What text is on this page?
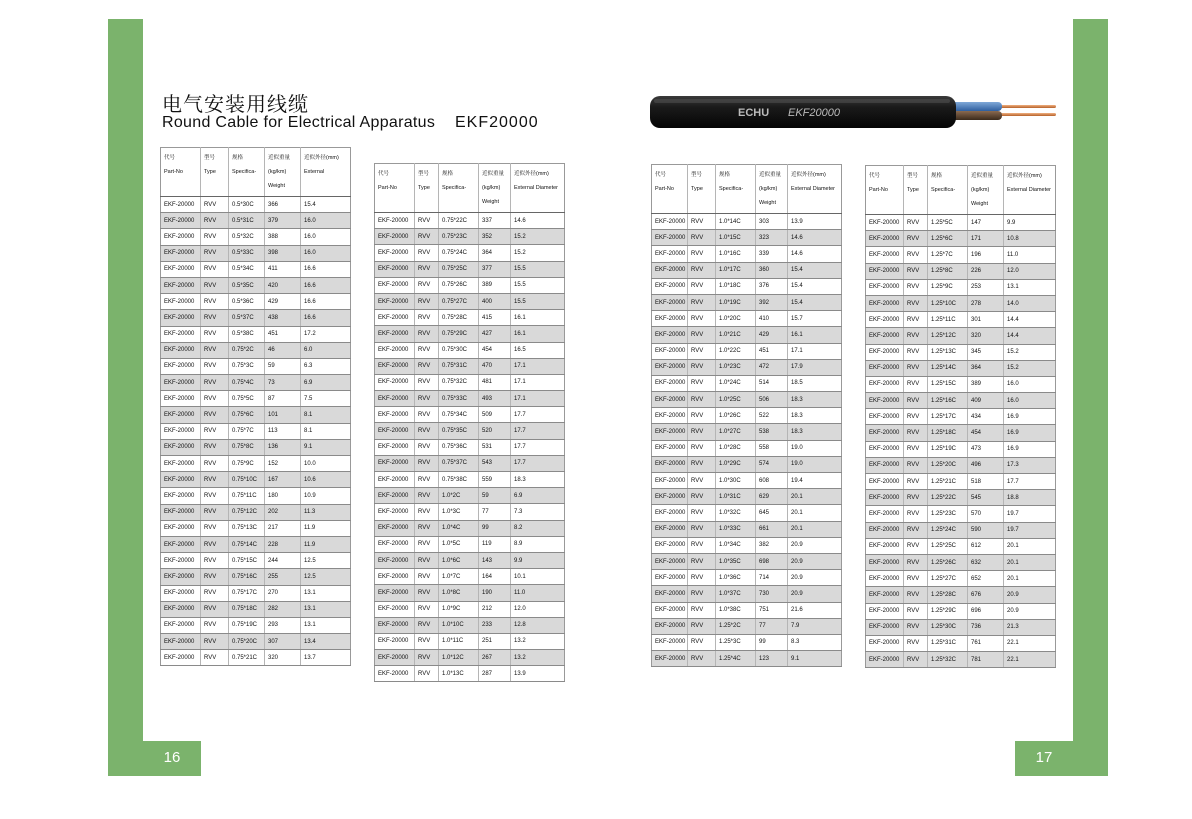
16	17
电气安装用线缆
Round Cable for Electrical Apparatus EKF20000
ECHU EKF20000
代号
Part-No	型号
Type	规格
Specifica-	近似重量
(kg/km)
Weight	近似外径(mm)
External

EKF-20000	RVV	0.5*30C	366	15.4
EKF-20000	RVV	0.5*31C	379	16.0
EKF-20000	RVV	0.5*32C	388	16.0
EKF-20000	RVV	0.5*33C	398	16.0
EKF-20000	RVV	0.5*34C	411	16.6
EKF-20000	RVV	0.5*35C	420	16.6
EKF-20000	RVV	0.5*36C	429	16.6
EKF-20000	RVV	0.5*37C	438	16.6
EKF-20000	RVV	0.5*38C	451	17.2
EKF-20000	RVV	0.75*2C	46	6.0
EKF-20000	RVV	0.75*3C	59	6.3
EKF-20000	RVV	0.75*4C	73	6.9
EKF-20000	RVV	0.75*5C	87	7.5
EKF-20000	RVV	0.75*6C	101	8.1
EKF-20000	RVV	0.75*7C	113	8.1
EKF-20000	RVV	0.75*8C	136	9.1
EKF-20000	RVV	0.75*9C	152	10.0
EKF-20000	RVV	0.75*10C	167	10.6
EKF-20000	RVV	0.75*11C	180	10.9
EKF-20000	RVV	0.75*12C	202	11.3
EKF-20000	RVV	0.75*13C	217	11.9
EKF-20000	RVV	0.75*14C	228	11.9
EKF-20000	RVV	0.75*15C	244	12.5
EKF-20000	RVV	0.75*16C	255	12.5
EKF-20000	RVV	0.75*17C	270	13.1
EKF-20000	RVV	0.75*18C	282	13.1
EKF-20000	RVV	0.75*19C	293	13.1
EKF-20000	RVV	0.75*20C	307	13.4
EKF-20000	RVV	0.75*21C	320	13.7
代号
Part-No	型号
Type	规格
Specifica-	近似重量
(kg/km)
Weight	近似外径(mm)
External Diameter

EKF-20000	RVV	0.75*22C	337	14.6
EKF-20000	RVV	0.75*23C	352	15.2
EKF-20000	RVV	0.75*24C	364	15.2
EKF-20000	RVV	0.75*25C	377	15.5
EKF-20000	RVV	0.75*26C	389	15.5
EKF-20000	RVV	0.75*27C	400	15.5
EKF-20000	RVV	0.75*28C	415	16.1
EKF-20000	RVV	0.75*29C	427	16.1
EKF-20000	RVV	0.75*30C	454	16.5
EKF-20000	RVV	0.75*31C	470	17.1
EKF-20000	RVV	0.75*32C	481	17.1
EKF-20000	RVV	0.75*33C	493	17.1
EKF-20000	RVV	0.75*34C	509	17.7
EKF-20000	RVV	0.75*35C	520	17.7
EKF-20000	RVV	0.75*36C	531	17.7
EKF-20000	RVV	0.75*37C	543	17.7
EKF-20000	RVV	0.75*38C	559	18.3
EKF-20000	RVV	1.0*2C	59	6.9
EKF-20000	RVV	1.0*3C	77	7.3
EKF-20000	RVV	1.0*4C	99	8.2
EKF-20000	RVV	1.0*5C	119	8.9
EKF-20000	RVV	1.0*6C	143	9.9
EKF-20000	RVV	1.0*7C	164	10.1
EKF-20000	RVV	1.0*8C	190	11.0
EKF-20000	RVV	1.0*9C	212	12.0
EKF-20000	RVV	1.0*10C	233	12.8
EKF-20000	RVV	1.0*11C	251	13.2
EKF-20000	RVV	1.0*12C	267	13.2
EKF-20000	RVV	1.0*13C	287	13.9
代号
Part-No	型号
Type	规格
Specifica-	近似重量
(kg/km)
Weight	近似外径(mm)
External Diameter

EKF-20000	RVV	1.0*14C	303	13.9
EKF-20000	RVV	1.0*15C	323	14.6
EKF-20000	RVV	1.0*16C	339	14.6
EKF-20000	RVV	1.0*17C	360	15.4
EKF-20000	RVV	1.0*18C	376	15.4
EKF-20000	RVV	1.0*19C	392	15.4
EKF-20000	RVV	1.0*20C	410	15.7
EKF-20000	RVV	1.0*21C	429	16.1
EKF-20000	RVV	1.0*22C	451	17.1
EKF-20000	RVV	1.0*23C	472	17.9
EKF-20000	RVV	1.0*24C	514	18.5
EKF-20000	RVV	1.0*25C	506	18.3
EKF-20000	RVV	1.0*26C	522	18.3
EKF-20000	RVV	1.0*27C	538	18.3
EKF-20000	RVV	1.0*28C	558	19.0
EKF-20000	RVV	1.0*29C	574	19.0
EKF-20000	RVV	1.0*30C	608	19.4
EKF-20000	RVV	1.0*31C	629	20.1
EKF-20000	RVV	1.0*32C	645	20.1
EKF-20000	RVV	1.0*33C	661	20.1
EKF-20000	RVV	1.0*34C	382	20.9
EKF-20000	RVV	1.0*35C	698	20.9
EKF-20000	RVV	1.0*36C	714	20.9
EKF-20000	RVV	1.0*37C	730	20.9
EKF-20000	RVV	1.0*38C	751	21.6
EKF-20000	RVV	1.25*2C	77	7.9
EKF-20000	RVV	1.25*3C	99	8.3
EKF-20000	RVV	1.25*4C	123	9.1
代号
Part-No	型号
Type	规格
Specifica-	近似重量
(kg/km)
Weight	近似外径(mm)
External Diameter

EKF-20000	RVV	1.25*5C	147	9.9
EKF-20000	RVV	1.25*6C	171	10.8
EKF-20000	RVV	1.25*7C	196	11.0
EKF-20000	RVV	1.25*8C	226	12.0
EKF-20000	RVV	1.25*9C	253	13.1
EKF-20000	RVV	1.25*10C	278	14.0
EKF-20000	RVV	1.25*11C	301	14.4
EKF-20000	RVV	1.25*12C	320	14.4
EKF-20000	RVV	1.25*13C	345	15.2
EKF-20000	RVV	1.25*14C	364	15.2
EKF-20000	RVV	1.25*15C	389	16.0
EKF-20000	RVV	1.25*16C	409	16.0
EKF-20000	RVV	1.25*17C	434	16.9
EKF-20000	RVV	1.25*18C	454	16.9
EKF-20000	RVV	1.25*19C	473	16.9
EKF-20000	RVV	1.25*20C	496	17.3
EKF-20000	RVV	1.25*21C	518	17.7
EKF-20000	RVV	1.25*22C	545	18.8
EKF-20000	RVV	1.25*23C	570	19.7
EKF-20000	RVV	1.25*24C	590	19.7
EKF-20000	RVV	1.25*25C	612	20.1
EKF-20000	RVV	1.25*26C	632	20.1
EKF-20000	RVV	1.25*27C	652	20.1
EKF-20000	RVV	1.25*28C	676	20.9
EKF-20000	RVV	1.25*29C	696	20.9
EKF-20000	RVV	1.25*30C	736	21.3
EKF-20000	RVV	1.25*31C	761	22.1
EKF-20000	RVV	1.25*32C	781	22.1
